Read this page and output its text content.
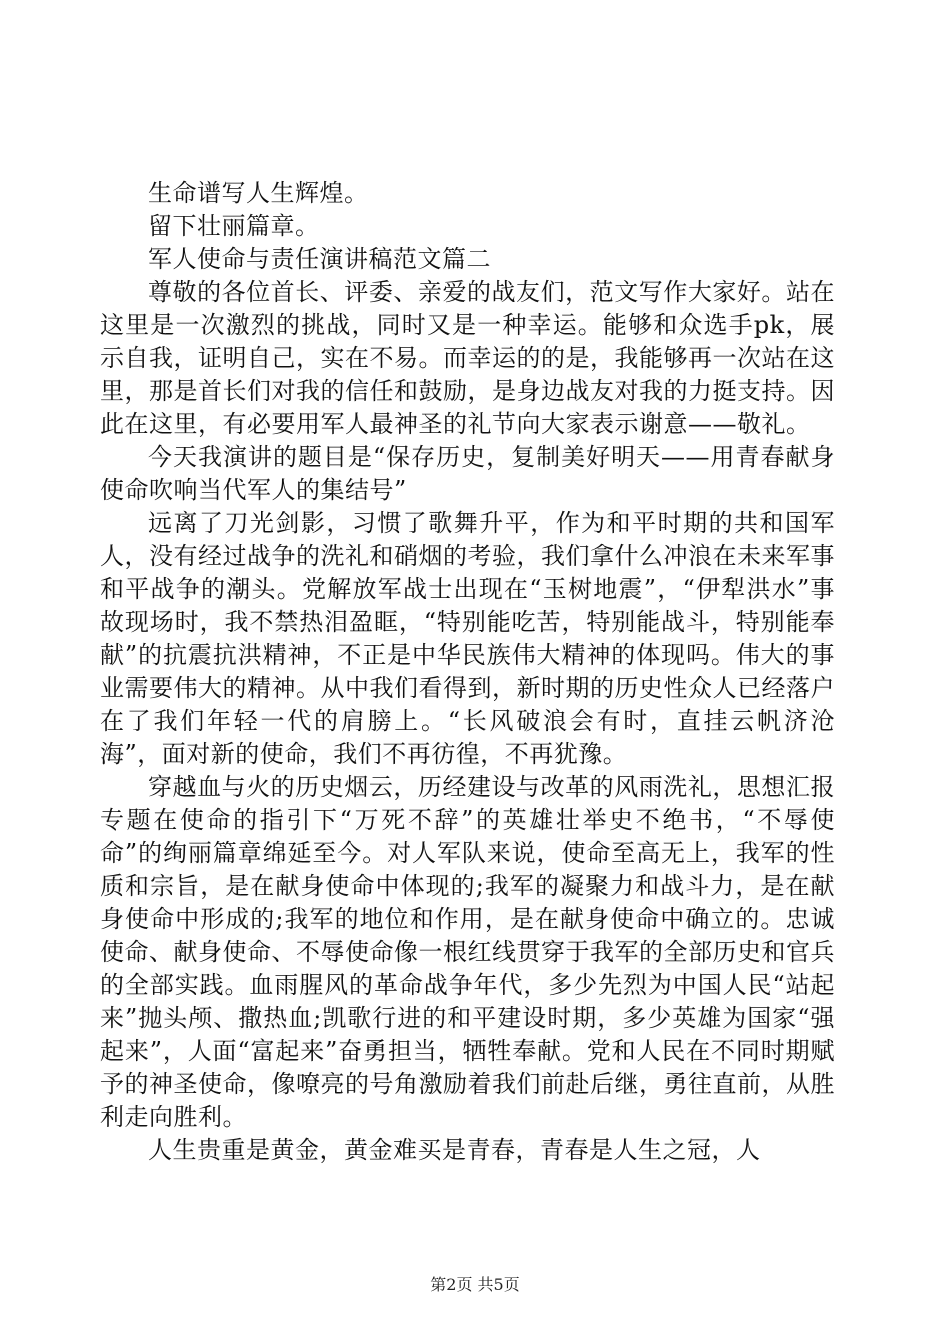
生命谱写人生辉煌。

留下壮丽篇章。

军人使命与责任演讲稿范文篇二

尊敬的各位首长、评委、亲爱的战友们，范文写作大家好。站在这里是一次激烈的挑战，同时又是一种幸运。能够和众选手pk，展示自我，证明自己，实在不易。而幸运的的是，我能够再一次站在这里，那是首长们对我的信任和鼓励，是身边战友对我的力挺支持。因此在这里，有必要用军人最神圣的礼节向大家表示谢意——敬礼。

今天我演讲的题目是“保存历史，复制美好明天——用青春献身使命吹响当代军人的集结号”

远离了刀光剑影，习惯了歌舞升平，作为和平时期的共和国军人，没有经过战争的洗礼和硝烟的考验，我们拿什么冲浪在未来军事和平战争的潮头。党解放军战士出现在“玉树地震”，“伊犁洪水”事故现场时，我不禁热泪盈眶，“特别能吃苦，特别能战斗，特别能奉献”的抗震抗洪精神，不正是中华民族伟大精神的体现吗。伟大的事业需要伟大的精神。从中我们看得到，新时期的历史性众人已经落户在了我们年轻一代的肩膀上。“长风破浪会有时，直挂云帆济沧海”，面对新的使命，我们不再彷徨，不再犹豫。

穿越血与火的历史烟云，历经建设与改革的风雨洗礼，思想汇报专题在使命的指引下“万死不辞”的英雄壮举史不绝书，“不辱使命”的绚丽篇章绵延至今。对人军队来说，使命至高无上，我军的性质和宗旨，是在献身使命中体现的;我军的凝聚力和战斗力，是在献身使命中形成的;我军的地位和作用，是在献身使命中确立的。忠诚使命、献身使命、不辱使命像一根红线贯穿于我军的全部历史和官兵的全部实践。血雨腥风的革命战争年代，多少先烈为中国人民“站起来”抛头颅、撒热血;凯歌行进的和平建设时期，多少英雄为国家“强起来”，人面“富起来”奋勇担当，牺牲奉献。党和人民在不同时期赋予的神圣使命，像嘹亮的号角激励着我们前赴后继，勇往直前，从胜利走向胜利。

人生贵重是黄金，黄金难买是青春，青春是人生之冠，人

第2页 共5页
